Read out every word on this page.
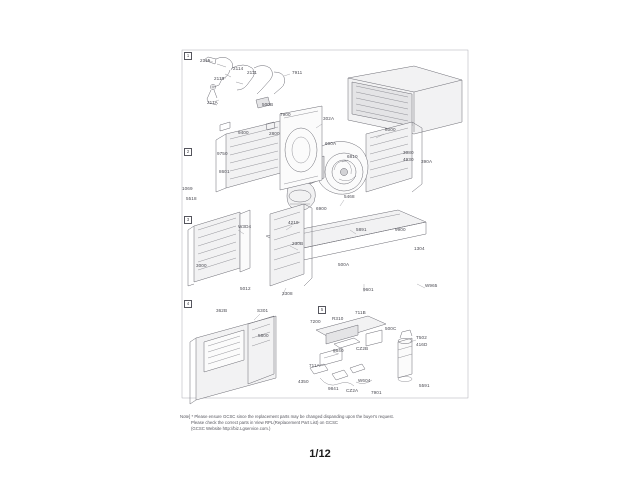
1
2
3
4
5
2115
2114
2113
2111	7911
211A	500B
7900
302A
9400	2800
8000
600A
6810
9750
4930 390A
3080
8601
1069
5518	5468
6900
4219
5891	9900
W3D4
230B
1304
3000	500A
5012
3308
9601
W965
362B	S301	711B
7200
R310
5800
500C
T502
416D
9640	CZ2B
711A
4350	W604
9841 CZ2A	7901
5591
Note] * Please ensure GCSC since the replacement parts may be changed dispanding upon the buyer's request.
Please check the correct parts in View RPL(Replacement Part List) on GCSC
(GCSC Website http://biz.Lgservice.com.)
1/12
